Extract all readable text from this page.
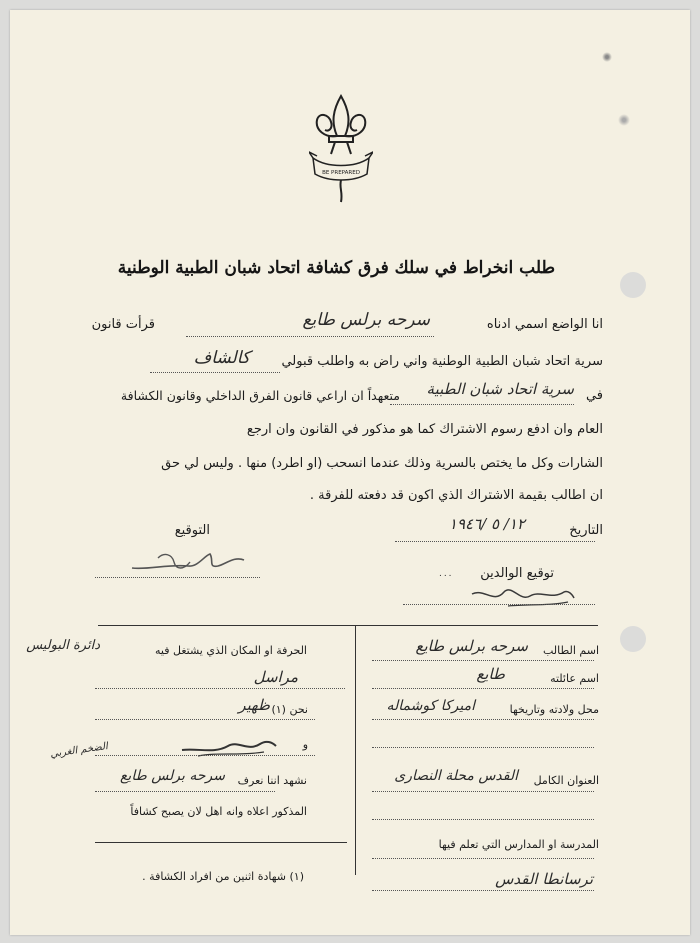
BE PREPARED
طلب انخراط في سلك فرق كشافة اتحاد شبان الطبية الوطنية
انا الواضع اسمي ادناه
سرحه برلس طايع
قرأت قانون
سرية اتحاد شبان الطبية الوطنية واني راض به واطلب قبولي
كالشاف
في
سرية اتحاد شبان الطبية
متعهداً ان اراعي قانون الفرق الداخلي وقانون الكشافة
العام وان ادفع رسوم الاشتراك كما هو مذكور في القانون وان ارجع
الشارات وكل ما يختص بالسرية وذلك عندما انسحب (او اطرد) منها . وليس لي حق
ان اطالب بقيمة الاشتراك الذي اكون قد دفعته للفرقة .
التاريخ
١٢/ ٥ /١٩٤٦
التوقيع
توقيع الوالدين
٠٠٠
اسم الطالب
سرحه برلس طايع
اسم عائلته
طايع
محل ولادته وتاريخها
اميركا كوشماله
العنوان الكامل
القدس محلة النصارى
المدرسة او المدارس التي تعلم فيها
ترسانطا القدس
الحرفة او المكان الذي يشتغل فيه
دائرة البوليس
مراسل
نحن (١)
ظهير
و
الضخم الغربي
نشهد اننا نعرف
سرحه برلس طايع
المذكور اعلاه وانه اهل لان يصبح كشافاً
(١) شهادة اثنين من افراد الكشافة .
